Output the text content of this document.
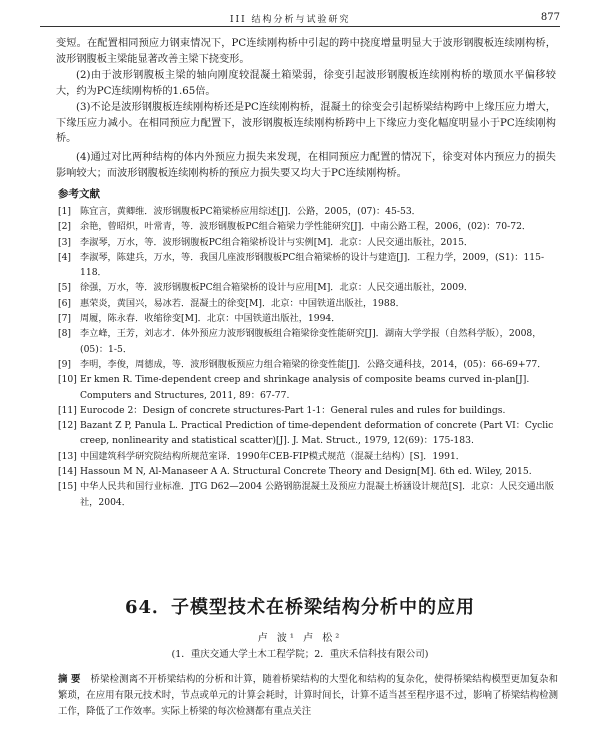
III 结构分析与试验研究	877

变短。在配置相同预应力钢束情况下，PC连续刚构桥中引起的跨中挠度增量明显大于波形钢腹板连续刚构桥，波形钢腹板主梁能显著改善主梁下挠变形。

(2)由于波形钢腹板主梁的轴向刚度较混凝土箱梁弱，徐变引起波形钢腹板连续刚构桥的墩顶水平偏移较大，约为PC连续刚构桥的1.65倍。

(3)不论是波形钢腹板连续刚构桥还是PC连续刚构桥，混凝土的徐变会引起桥梁结构跨中上缘压应力增大，下缘压应力减小。在相同预应力配置下，波形钢腹板连续刚构桥跨中上下缘应力变化幅度明显小于PC连续刚构桥。

(4)通过对比两种结构的体内外预应力损失来发现，在相同预应力配置的情况下，徐变对体内预应力的损失影响较大；而波形钢腹板连续刚构桥的预应力损失要又均大于PC连续刚构桥。

参考文献
[1] 陈宜言，黄卿维．波形钢腹板PC箱梁桥应用综述[J]．公路，2005，(07)：45-53．
[2] 余艳，曾昭炽，叶常青，等．波形钢腹板PC组合箱梁力学性能研究[J]．中南公路工程，2006，(02)：70-72．
[3] 李淑琴，万水，等．波形钢腹板PC组合箱梁桥设计与实例[M]．北京：人民交通出版社，2015．
[4] 李淑琴，陈建兵，万水，等．我国几座波形钢腹板PC组合箱梁桥的设计与建造[J]．工程力学，2009，(S1)：115-118．
[5] 徐强，万水，等．波形钢腹板PC组合箱梁桥的设计与应用[M]．北京：人民交通出版社，2009．
[6] 惠荣炎，黄国兴，易冰若．混凝土的徐变[M]．北京：中国铁道出版社，1988．
[7] 周履，陈永春．收缩徐变[M]．北京：中国铁道出版社，1994．
[8] 李立峰，王芳，刘志才．体外预应力波形钢腹板组合箱梁徐变性能研究[J]．湖南大学学报（自然科学版），2008，(05)：1-5．
[9] 李明，李俊，周德成，等．波形钢腹板预应力组合箱梁的徐变性能[J]．公路交通科技，2014，(05)：66-69+77．
[10] Er kmen R. Time-dependent creep and shrinkage analysis of composite beams curved in-plan[J]. Computers and Structures, 2011, 89：67-77.
[11] Eurocode 2：Design of concrete structures-Part 1-1：General rules and rules for buildings.
[12] Bazant Z P, Panula L. Practical Prediction of time-dependent deformation of concrete (Part VI：Cyclic creep, nonlinearity and statistical scatter)[J]. J. Mat. Struct., 1979, 12(69)：175-183.
[13] 中国建筑科学研究院结构所规范室译．1990年CEB-FIP模式规范（混凝土结构）[S]．1991．
[14] Hassoun M N, Al-Manaseer A A. Structural Concrete Theory and Design[M]. 6th ed. Wiley, 2015.
[15] 中华人民共和国行业标准．JTG D62—2004 公路钢筋混凝土及预应力混凝土桥涵设计规范[S]．北京：人民交通出版社，2004．
64．子模型技术在桥梁结构分析中的应用
卢 波¹ 卢 松²
(1．重庆交通大学土木工程学院；2．重庆禾信科技有限公司)
摘 要 桥梁检测离不开桥梁结构的分析和计算，随着桥梁结构的大型化和结构的复杂化，使得桥梁结构模型更加复杂和繁琐，在应用有限元技术时，节点或单元的计算会耗时，计算时间长，计算不适当甚至程序退不过，影响了桥梁结构检测工作，降低了工作效率。实际上桥梁的每次检测都有重点关注
